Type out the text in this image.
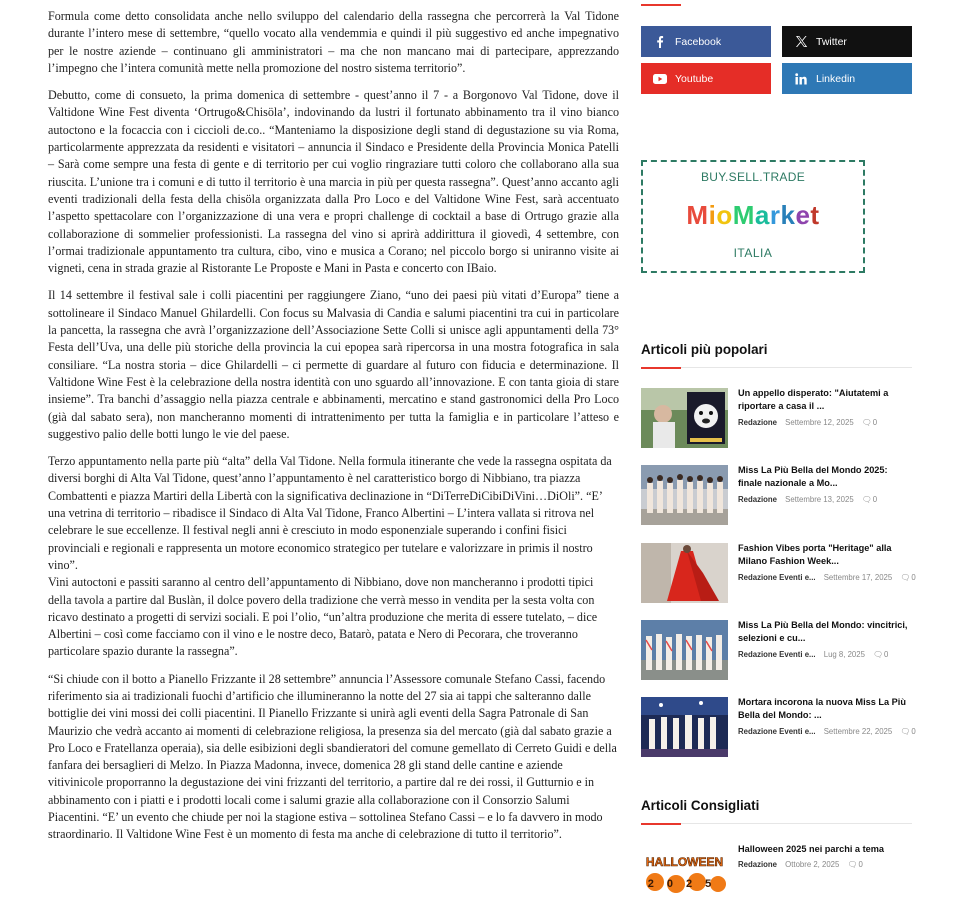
Formula come detto consolidata anche nello sviluppo del calendario della rassegna che percorrerà la Val Tidone durante l’intero mese di settembre, “quello vocato alla vendemmia e quindi il più suggestivo ed anche impegnativo per le nostre aziende – continuano gli amministratori – ma che non mancano mai di partecipare, apprezzando l’impegno che l’intera comunità mette nella promozione del nostro sistema territorio”.

Debutto, come di consueto, la prima domenica di settembre - quest’anno il 7 - a Borgonovo Val Tidone, dove il Valtidone Wine Fest diventa ‘Ortrugo&Chisöla’, indovinando da lustri il fortunato abbinamento tra il vino bianco autoctono e la focaccia con i ciccioli de.co.. “Manteniamo la disposizione degli stand di degustazione su via Roma, particolarmente apprezzata da residenti e visitatori – annuncia il Sindaco e Presidente della Provincia Monica Patelli – Sarà come sempre una festa di gente e di territorio per cui voglio ringraziare tutti coloro che collaborano alla sua riuscita. L’unione tra i comuni e di tutto il territorio è una marcia in più per questa rassegna”. Quest’anno accanto agli eventi tradizionali della festa della chisöla organizzata dalla Pro Loco e del Valtidone Wine Fest, sarà accentuato l’aspetto spettacolare con l’organizzazione di una vera e propri challenge di cocktail a base di Ortrugo grazie alla collaborazione di sommelier professionisti. La rassegna del vino si aprirà addirittura il giovedì, 4 settembre, con l’ormai tradizionale appuntamento tra cultura, cibo, vino e musica a Corano; nel piccolo borgo si uniranno visite ai vigneti, cena in strada grazie al Ristorante Le Proposte e Mani in Pasta e concerto con IBaio.

Il 14 settembre il festival sale i colli piacentini per raggiungere Ziano, “uno dei paesi più vitati d’Europa” tiene a sottolineare il Sindaco Manuel Ghilardelli. Con focus su Malvasia di Candia e salumi piacentini tra cui in particolare la pancetta, la rassegna che avrà l’organizzazione dell’Associazione Sette Colli si unisce agli appuntamenti della 73° Festa dell’Uva, una delle più storiche della provincia la cui epopea sarà ripercorsa in una mostra fotografica in sala consiliare. “La nostra storia – dice Ghilardelli – ci permette di guardare al futuro con fiducia e determinazione. Il Valtidone Wine Fest è la celebrazione della nostra identità con uno sguardo all’innovazione. E con tanta gioia di stare insieme”. Tra banchi d’assaggio nella piazza centrale e abbinamenti, mercatino e stand gastronomici della Pro Loco (già dal sabato sera), non mancheranno momenti di intrattenimento per tutta la famiglia e in particolare l’atteso e suggestivo palio delle botti lungo le vie del paese.

Terzo appuntamento nella parte più “alta” della Val Tidone. Nella formula itinerante che vede la rassegna ospitata da diversi borghi di Alta Val Tidone, quest’anno l’appuntamento è nel caratteristico borgo di Nibbiano, tra piazza Combattenti e piazza Martiri della Libertà con la significativa declinazione in “DiTerreDiCibiDiVini…DiOli”. “E’ una vetrina di territorio – ribadisce il Sindaco di Alta Val Tidone, Franco Albertini – L’intera vallata si ritrova nel celebrare le sue eccellenze. Il festival negli anni è cresciuto in modo esponenziale superando i confini fisici provinciali e regionali e rappresenta un motore economico strategico per tutelare e valorizzare in primis il nostro vino”.

Vini autoctoni e passiti saranno al centro dell’appuntamento di Nibbiano, dove non mancheranno i prodotti tipici della tavola a partire dal Buslàn, il dolce povero della tradizione che verrà messo in vendita per la sesta volta con ricavo destinato a progetti di servizi sociali. E poi l’olio, “un’altra produzione che merita di essere tutelato, – dice Albertini – così come facciamo con il vino e le nostre deco, Batarò, patata e Nero di Pecorara, che troveranno particolare spazio durante la rassegna”.

“Si chiude con il botto a Pianello Frizzante il 28 settembre” annuncia l’Assessore comunale Stefano Cassi, facendo riferimento sia ai tradizionali fuochi d’artificio che illumineranno la notte del 27 sia ai tappi che salteranno dalle bottiglie dei vini mossi dei colli piacentini. Il Pianello Frizzante si unirà agli eventi della Sagra Patronale di San Maurizio che vedrà accanto ai momenti di celebrazione religiosa, la presenza sia del mercato (già dal sabato grazie a Pro Loco e Fratellanza operaia), sia delle esibizioni degli sbandieratori del comune gemellato di Cerreto Guidi e della fanfara dei bersaglieri di Melzo. In Piazza Madonna, invece, domenica 28 gli stand delle cantine e aziende vitivinicole proporranno la degustazione dei vini frizzanti del territorio, a partire dal re dei rossi, il Gutturnio e in abbinamento con i piatti e i prodotti locali come i salumi grazie alla collaborazione con il Consorzio Salumi Piacentini. “E’ un evento che chiude per noi la stagione estiva – sottolinea Stefano Cassi – e lo fa davvero in modo straordinario. Il Valtidone Wine Fest è un momento di festa ma anche di celebrazione di tutto il territorio”.

Facebook	Twitter
Youtube	Linkedin
BUY.SELL.TRADE
MioMarket
ITALIA
Articoli più popolari
Un appello disperato: "Aiutatemi a riportare a casa il ...
Redazione Settembre 12, 2025 🗨0
Miss La Più Bella del Mondo 2025: finale nazionale a Mo...
Redazione Settembre 13, 2025 🗨0
Fashion Vibes porta "Heritage" alla Milano Fashion Week...
Redazione Eventi e... Settembre 17, 2025 🗨0
Miss La Più Bella del Mondo: vincitrici, selezioni e cu...
Redazione Eventi e... Lug 8, 2025 🗨0
Mortara incorona la nuova Miss La Più Bella del Mondo: ...
Redazione Eventi e... Settembre 22, 2025 🗨0
Articoli Consigliati
HALLOWEEN
2025
Halloween 2025 nei parchi a tema
Redazione Ottobre 2, 2025 🗨0
